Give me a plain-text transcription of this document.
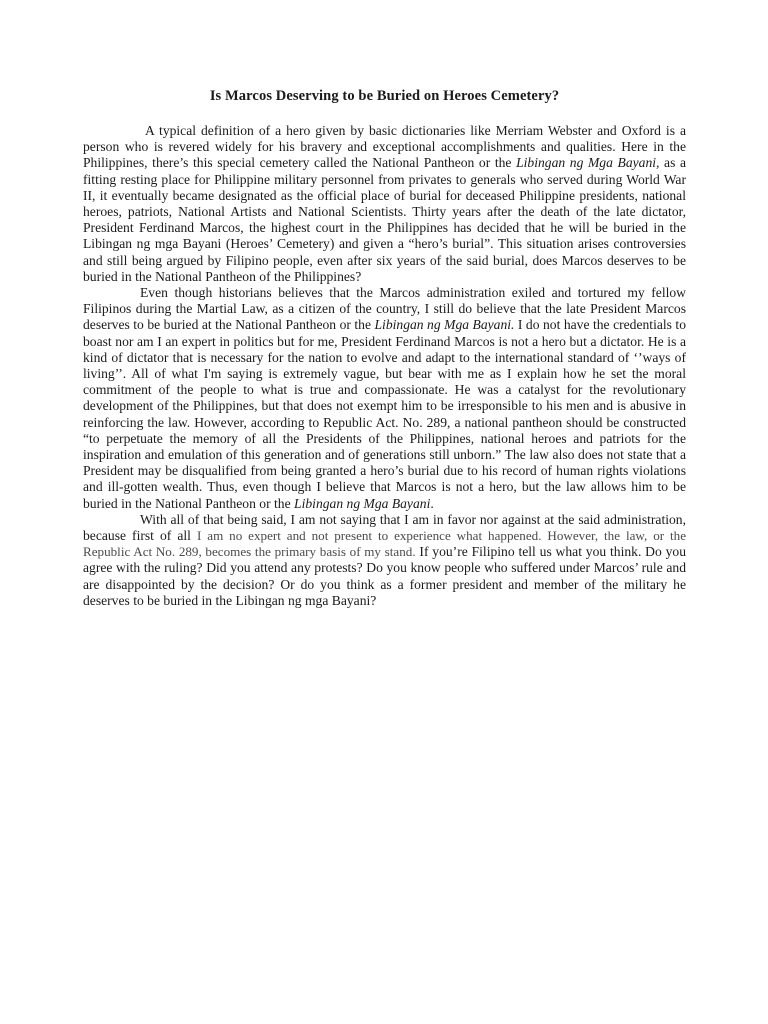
Is Marcos Deserving to be Buried on Heroes Cemetery?

A typical definition of a hero given by basic dictionaries like Merriam Webster and Oxford is a person who is revered widely for his bravery and exceptional accomplishments and qualities. Here in the Philippines, there’s this special cemetery called the National Pantheon or the Libingan ng Mga Bayani, as a fitting resting place for Philippine military personnel from privates to generals who served during World War II, it eventually became designated as the official place of burial for deceased Philippine presidents, national heroes, patriots, National Artists and National Scientists. Thirty years after the death of the late dictator, President Ferdinand Marcos, the highest court in the Philippines has decided that he will be buried in the Libingan ng mga Bayani (Heroes’ Cemetery) and given a “hero’s burial”. This situation arises controversies and still being argued by Filipino people, even after six years of the said burial, does Marcos deserves to be buried in the National Pantheon of the Philippines?

Even though historians believes that the Marcos administration exiled and tortured my fellow Filipinos during the Martial Law, as a citizen of the country, I still do believe that the late President Marcos deserves to be buried at the National Pantheon or the Libingan ng Mga Bayani. I do not have the credentials to boast nor am I an expert in politics but for me, President Ferdinand Marcos is not a hero but a dictator. He is a kind of dictator that is necessary for the nation to evolve and adapt to the international standard of ‘’ways of living’’. All of what I'm saying is extremely vague, but bear with me as I explain how he set the moral commitment of the people to what is true and compassionate. He was a catalyst for the revolutionary development of the Philippines, but that does not exempt him to be irresponsible to his men and is abusive in reinforcing the law. However, according to Republic Act. No. 289, a national pantheon should be constructed “to perpetuate the memory of all the Presidents of the Philippines, national heroes and patriots for the inspiration and emulation of this generation and of generations still unborn.” The law also does not state that a President may be disqualified from being granted a hero’s burial due to his record of human rights violations and ill-gotten wealth. Thus, even though I believe that Marcos is not a hero, but the law allows him to be buried in the National Pantheon or the Libingan ng Mga Bayani.

With all of that being said, I am not saying that I am in favor nor against at the said administration, because first of all I am no expert and not present to experience what happened. However, the law, or the Republic Act No. 289, becomes the primary basis of my stand. If you’re Filipino tell us what you think. Do you agree with the ruling? Did you attend any protests? Do you know people who suffered under Marcos’ rule and are disappointed by the decision? Or do you think as a former president and member of the military he deserves to be buried in the Libingan ng mga Bayani?
